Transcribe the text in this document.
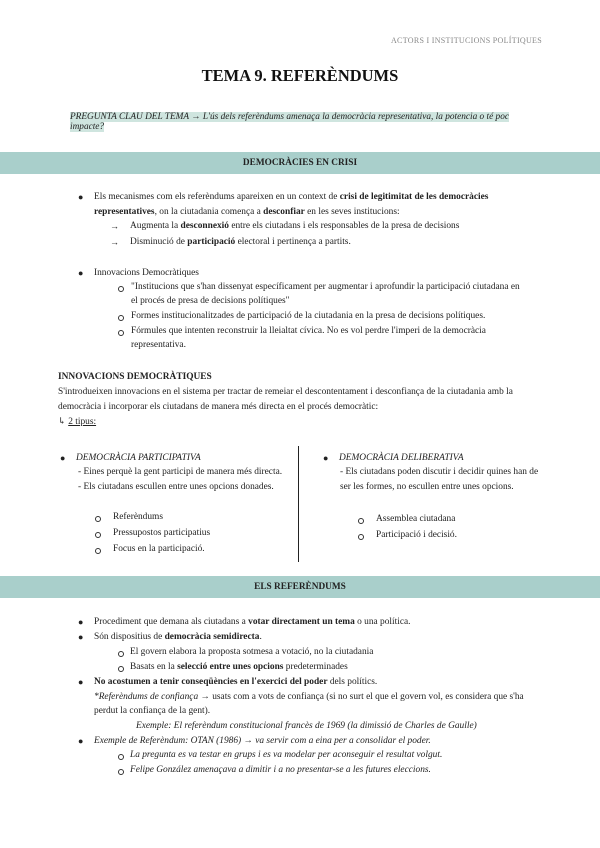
ACTORS I INSTITUCIONS POLÍTIQUES
TEMA 9. REFERÈNDUMS
PREGUNTA CLAU DEL TEMA → L'ús dels referèndums amenaça la democràcia representativa, la potencia o té poc impacte?
DEMOCRÀCIES EN CRISI
● Els mecanismes com els referèndums apareixen en un context de crisi de legitimitat de les democràcies
representatives, on la ciutadania comença a desconfiar en les seves institucions:
→ Augmenta la desconnexió entre els ciutadans i els responsables de la presa de decisions
→ Disminució de participació electoral i pertinença a partits.
● Innovacions Democràtiques
"Institucions que s'han dissenyat específicament per augmentar i aprofundir la participació ciutadana en
el procés de presa de decisions polítiques"
Formes institucionalitzades de participació de la ciutadania en la presa de decisions polítiques.
Fórmules que intenten reconstruir la lleialtat cívica. No es vol perdre l'imperi de la democràcia
representativa.
INNOVACIONS DEMOCRÀTIQUES
S'introdueixen innovacions en el sistema per tractar de remeiar el descontentament i desconfiança de la ciutadania amb la
democràcia i incorporar els ciutadans de manera més directa en el procés democràtic:
↳ 2 tipus:
● DEMOCRÀCIA PARTICIPATIVA
- Eines perquè la gent participi de manera més directa.
- Els ciutadans escullen entre unes opcions donades.
Referèndums
Pressupostos participatius
Focus en la participació.
● DEMOCRÀCIA DELIBERATIVA
- Els ciutadans poden discutir i decidir quines han de
ser les formes, no escullen entre unes opcions.
Assemblea ciutadana
Participació i decisió.
ELS REFERÈNDUMS
● Procediment que demana als ciutadans a votar directament un tema o una política.
● Són dispositius de democràcia semidirecta.
El govern elabora la proposta sotmesa a votació, no la ciutadania
Basats en la selecció entre unes opcions predeterminades
● No acostumen a tenir conseqüències en l'exercici del poder dels polítics.
*Referèndums de confiança → usats com a vots de confiança (si no surt el que el govern vol, es considera que s'ha
perdut la confiança de la gent).
Exemple: El referèndum constitucional francès de 1969 (la dimissió de Charles de Gaulle)
● Exemple de Referèndum: OTAN (1986) → va servir com a eina per a consolidar el poder.
La pregunta es va testar en grups i es va modelar per aconseguir el resultat volgut.
Felipe González amenaçava a dimitir i a no presentar-se a les futures eleccions.
